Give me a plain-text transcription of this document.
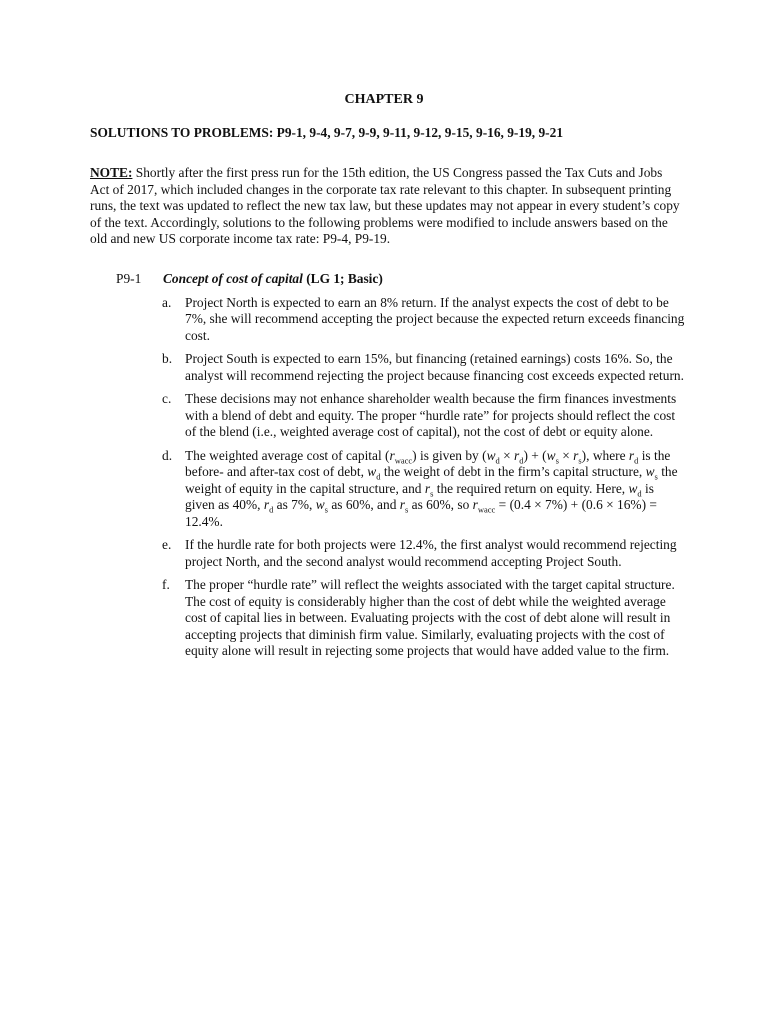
CHAPTER 9
SOLUTIONS TO PROBLEMS: P9-1, 9-4, 9-7, 9-9, 9-11, 9-12, 9-15, 9-16, 9-19, 9-21

NOTE: Shortly after the first press run for the 15th edition, the US Congress passed the Tax Cuts and Jobs Act of 2017, which included changes in the corporate tax rate relevant to this chapter. In subsequent printing runs, the text was updated to reflect the new tax law, but these updates may not appear in every student’s copy of the text. Accordingly, solutions to the following problems were modified to include answers based on the old and new US corporate income tax rate: P9-4, P9-19.

P9-1	Concept of cost of capital (LG 1; Basic)
a.	Project North is expected to earn an 8% return. If the analyst expects the cost of debt to be 7%, she will recommend accepting the project because the expected return exceeds financing cost.
b. Project South is expected to earn 15%, but financing (retained earnings) costs 16%. So, the analyst will recommend rejecting the project because financing cost exceeds expected return.
c.	These decisions may not enhance shareholder wealth because the firm finances investments with a blend of debt and equity. The proper “hurdle rate” for projects should reflect the cost of the blend (i.e., weighted average cost of capital), not the cost of debt or equity alone.
d. The weighted average cost of capital $(r_{wacc})$ is given by $(w_d \times r_d) + (w_s \times r_s)$, where $r_d$ is the before- and after-tax cost of debt, $w_d$ the weight of debt in the firm’s capital structure, $w_s$ the weight of equity in the capital structure, and $r_s$ the required return on equity. Here, $w_d$ is given as 40%, $r_d$ as 7%, $w_s$ as 60%, and $r_s$ as 60%, so $r_{wacc} = (0.4 \times 7\%) + (0.6 \times 16\%) = 12.4\%$.
e.	If the hurdle rate for both projects were 12.4%, the first analyst would recommend rejecting project North, and the second analyst would recommend accepting Project South.
f.	The proper “hurdle rate” will reflect the weights associated with the target capital structure. The cost of equity is considerably higher than the cost of debt while the weighted average cost of capital lies in between. Evaluating projects with the cost of debt alone will result in accepting projects that diminish firm value. Similarly, evaluating projects with the cost of equity alone will result in rejecting some projects that would have added value to the firm.
